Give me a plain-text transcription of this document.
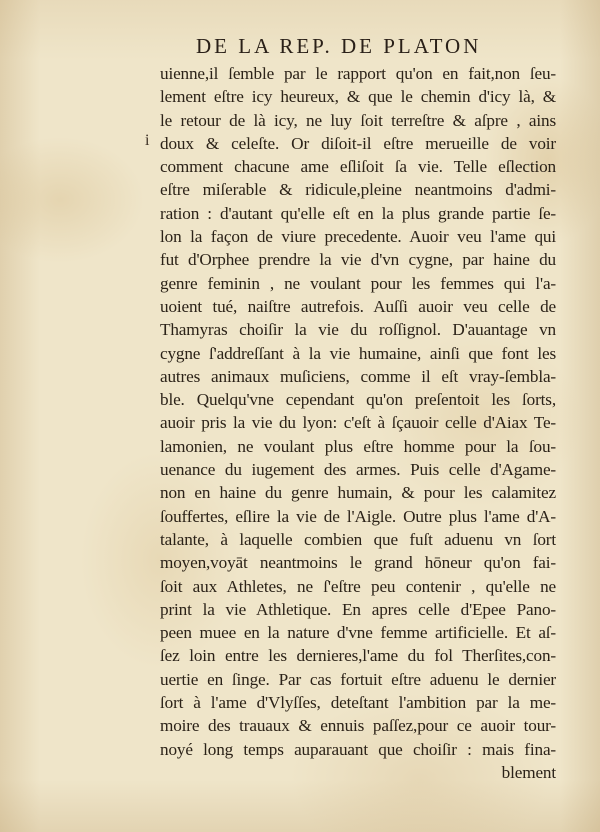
DE LA REP. DE PLATON
uienne,il ſemble par le rapport qu'on en fait,non ſeu-
lement eſtre icy heureux, & que le chemin d'icy là, &
le retour de là icy, ne luy ſoit terreſtre & aſpre , ains
doux & celeſte. Or diſoit-il eſtre merueille de voir
comment chacune ame eſliſoit ſa vie. Telle eſlection
eſtre miſerable & ridicule,pleine neantmoins d'admi-
ration : d'autant qu'elle eſt en la plus grande partie ſe-
lon la façon de viure precedente. Auoir veu l'ame qui
fut d'Orphee prendre la vie d'vn cygne, par haine du
genre feminin , ne voulant pour les femmes qui l'a-
uoient tué, naiſtre autrefois. Auſſi auoir veu celle de
Thamyras choiſir la vie du roſſignol. D'auantage vn
cygne ſ'addreſſant à la vie humaine, ainſi que font les
autres animaux muſiciens, comme il eſt vray-ſembla-
ble. Quelqu'vne cependant qu'on preſentoit les ſorts,
auoir pris la vie du lyon: c'eſt à ſçauoir celle d'Aiax Te-
lamonien, ne voulant plus eſtre homme pour la ſou-
uenance du iugement des armes. Puis celle d'Agame-
non en haine du genre humain, & pour les calamitez
ſouffertes, eſlire la vie de l'Aigle. Outre plus l'ame d'A-
talante, à laquelle combien que fuſt aduenu vn ſort
moyen,voyāt neantmoins le grand hōneur qu'on fai-
ſoit aux Athletes, ne ſ'eſtre peu contenir , qu'elle ne
print la vie Athletique. En apres celle d'Epee Pano-
peen muee en la nature d'vne femme artificielle. Et aſ-
ſez loin entre les dernieres,l'ame du fol Therſites,con-
uertie en ſinge. Par cas fortuit eſtre aduenu le dernier
ſort à l'ame d'Vlyſſes, deteſtant l'ambition par la me-
moire des trauaux & ennuis paſſez,pour ce auoir tour-
noyé long temps auparauant que choiſir : mais fina-
blement
i
